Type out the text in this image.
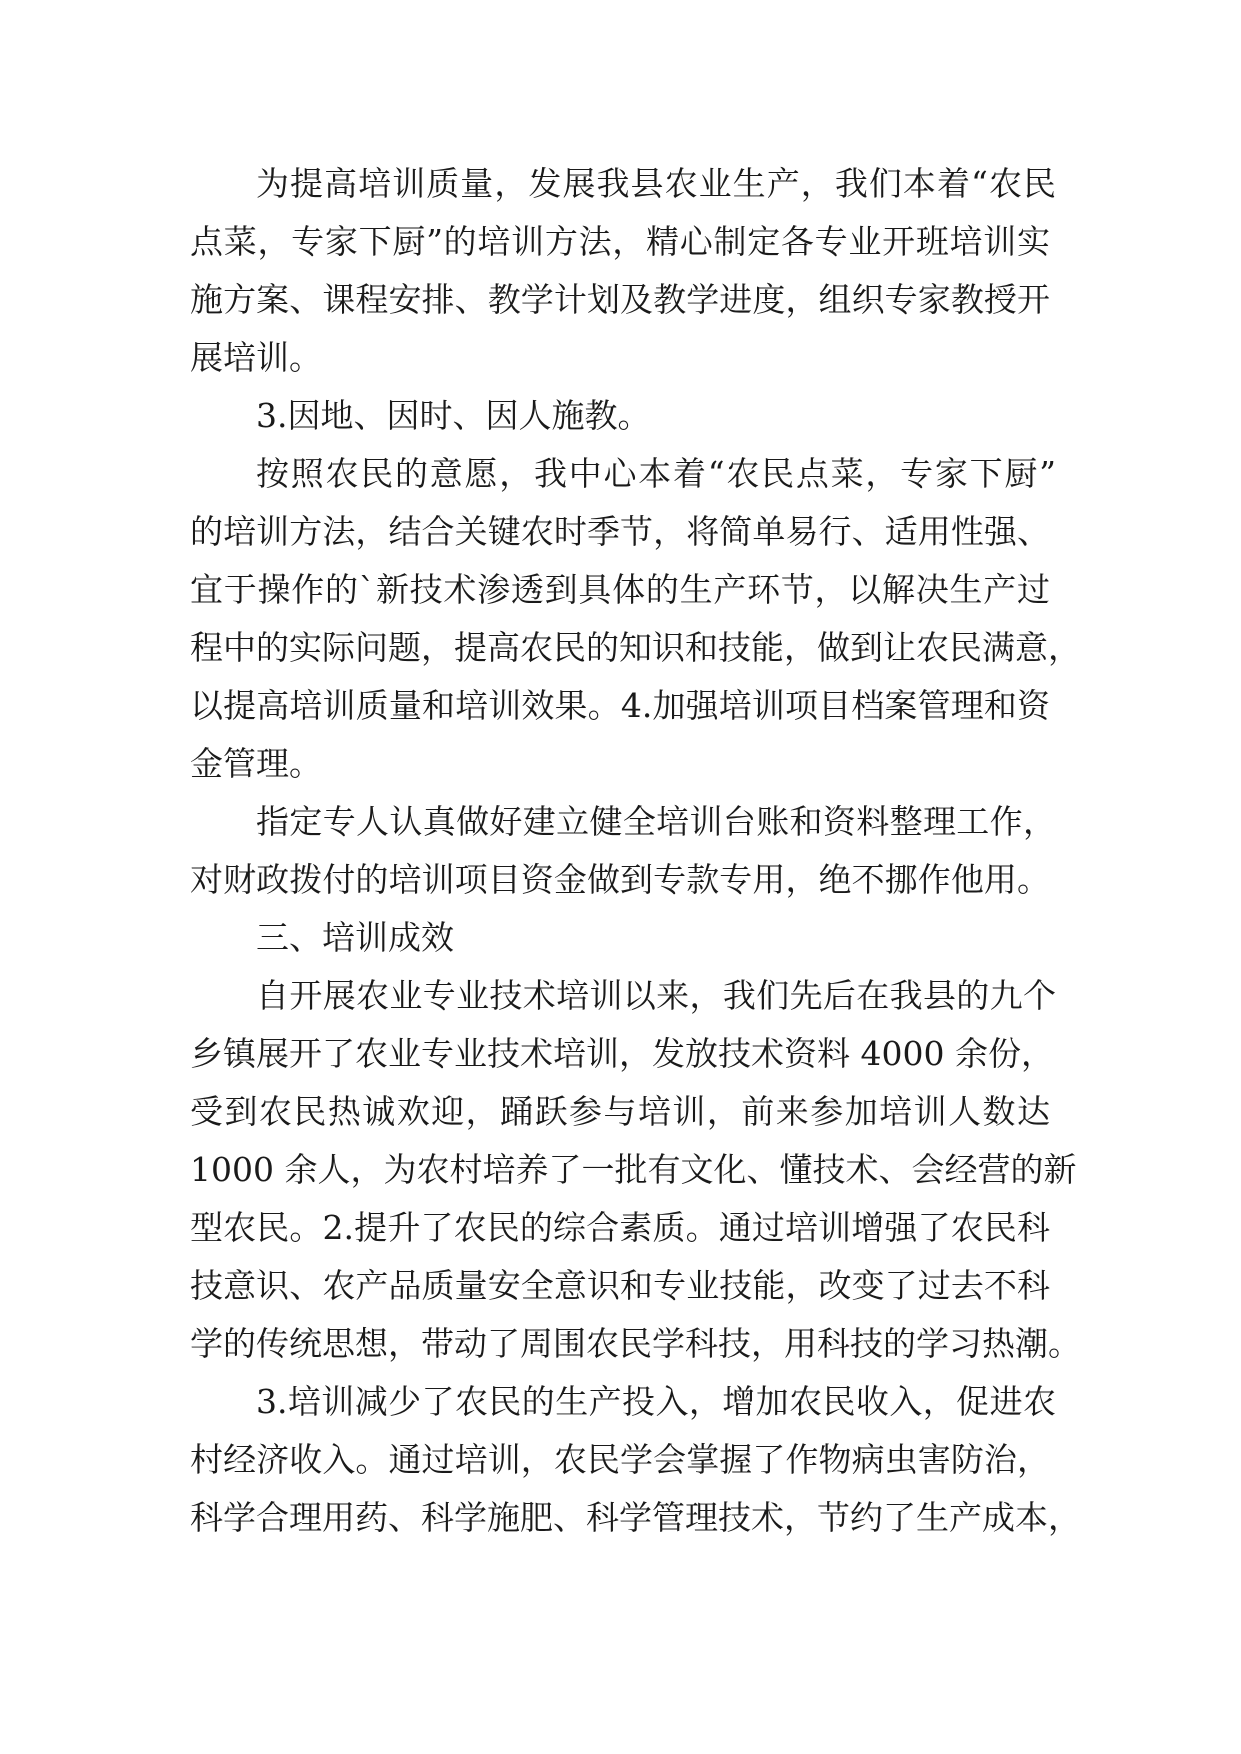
为提高培训质量，发展我县农业生产，我们本着“农民
点菜，专家下厨”的培训方法，精心制定各专业开班培训实
施方案、课程安排、教学计划及教学进度，组织专家教授开
展培训。
3.因地、因时、因人施教。
按照农民的意愿，我中心本着“农民点菜，专家下厨”
的培训方法，结合关键农时季节，将简单易行、适用性强、
宜于操作的`新技术渗透到具体的生产环节，以解决生产过
程中的实际问题，提高农民的知识和技能，做到让农民满意，
以提高培训质量和培训效果。4.加强培训项目档案管理和资
金管理。
指定专人认真做好建立健全培训台账和资料整理工作，
对财政拨付的培训项目资金做到专款专用，绝不挪作他用。
三、培训成效
自开展农业专业技术培训以来，我们先后在我县的九个
乡镇展开了农业专业技术培训，发放技术资料 4000 余份，
受到农民热诚欢迎，踊跃参与培训，前来参加培训人数达
1000 余人，为农村培养了一批有文化、懂技术、会经营的新
型农民。2.提升了农民的综合素质。通过培训增强了农民科
技意识、农产品质量安全意识和专业技能，改变了过去不科
学的传统思想，带动了周围农民学科技，用科技的学习热潮。
3.培训减少了农民的生产投入，增加农民收入，促进农
村经济收入。通过培训，农民学会掌握了作物病虫害防治，
科学合理用药、科学施肥、科学管理技术，节约了生产成本，
